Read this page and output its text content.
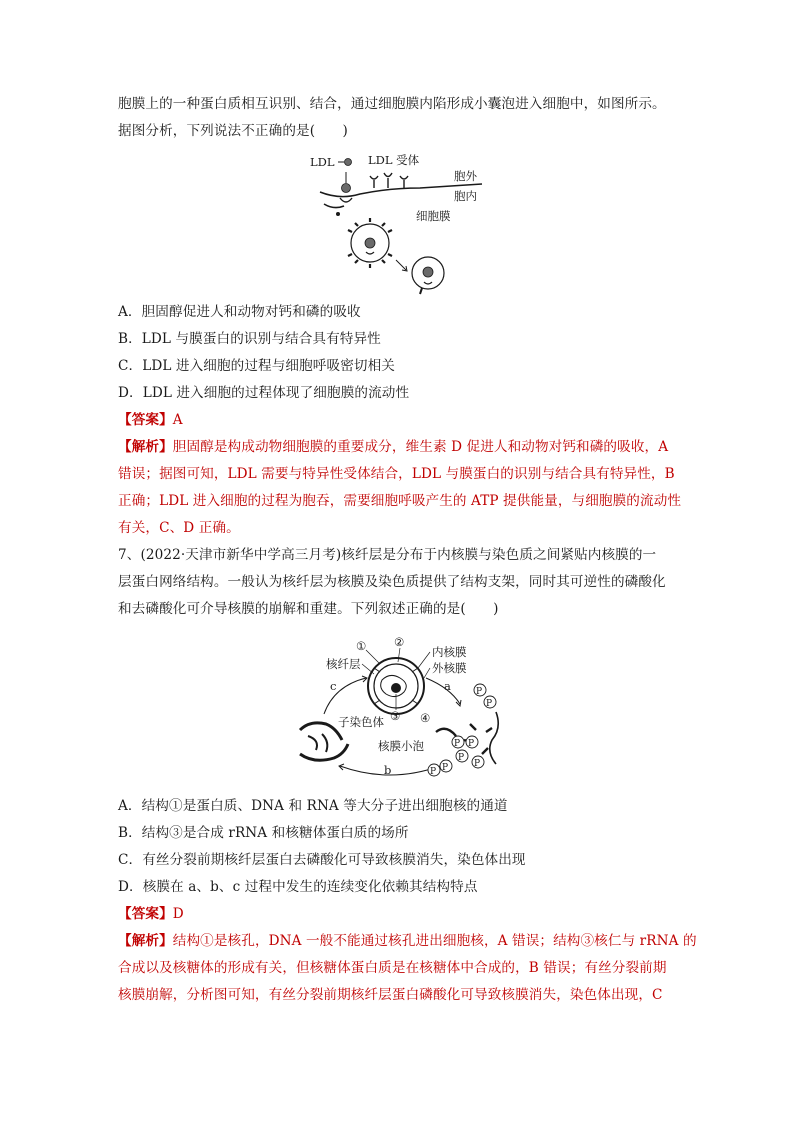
胞膜上的一种蛋白质相互识别、结合，通过细胞膜内陷形成小囊泡进入细胞中，如图所示。
据图分析，下列说法不正确的是(　　)
LDL	LDL 受体
胞外
胞内
细胞膜
A．胆固醇促进人和动物对钙和磷的吸收
B．LDL 与膜蛋白的识别与结合具有特异性
C．LDL 进入细胞的过程与细胞呼吸密切相关
D．LDL 进入细胞的过程体现了细胞膜的流动性
【答案】A
【解析】胆固醇是构成动物细胞膜的重要成分，维生素 D 促进人和动物对钙和磷的吸收，A
错误；据图可知，LDL 需要与特异性受体结合，LDL 与膜蛋白的识别与结合具有特异性，B
正确；LDL 进入细胞的过程为胞吞，需要细胞呼吸产生的 ATP 提供能量，与细胞膜的流动性
有关，C、D 正确。
7、(2022·天津市新华中学高三月考)核纤层是分布于内核膜与染色质之间紧贴内核膜的一
层蛋白网络结构。一般认为核纤层为核膜及染色质提供了结构支架，同时其可逆性的磷酸化
和去磷酸化可介导核膜的崩解和重建。下列叙述正确的是(　　)
① ②
③ ④
核纤层
内核膜
外核膜
子染色体
核膜小泡
a
b
c	P
P
P P
P
P
P
P
A．结构①是蛋白质、DNA 和 RNA 等大分子进出细胞核的通道
B．结构③是合成 rRNA 和核糖体蛋白质的场所
C．有丝分裂前期核纤层蛋白去磷酸化可导致核膜消失，染色体出现
D．核膜在 a、b、c 过程中发生的连续变化依赖其结构特点
【答案】D
【解析】结构①是核孔，DNA 一般不能通过核孔进出细胞核，A 错误；结构③核仁与 rRNA 的
合成以及核糖体的形成有关，但核糖体蛋白质是在核糖体中合成的，B 错误；有丝分裂前期
核膜崩解，分析图可知，有丝分裂前期核纤层蛋白磷酸化可导致核膜消失，染色体出现，C
